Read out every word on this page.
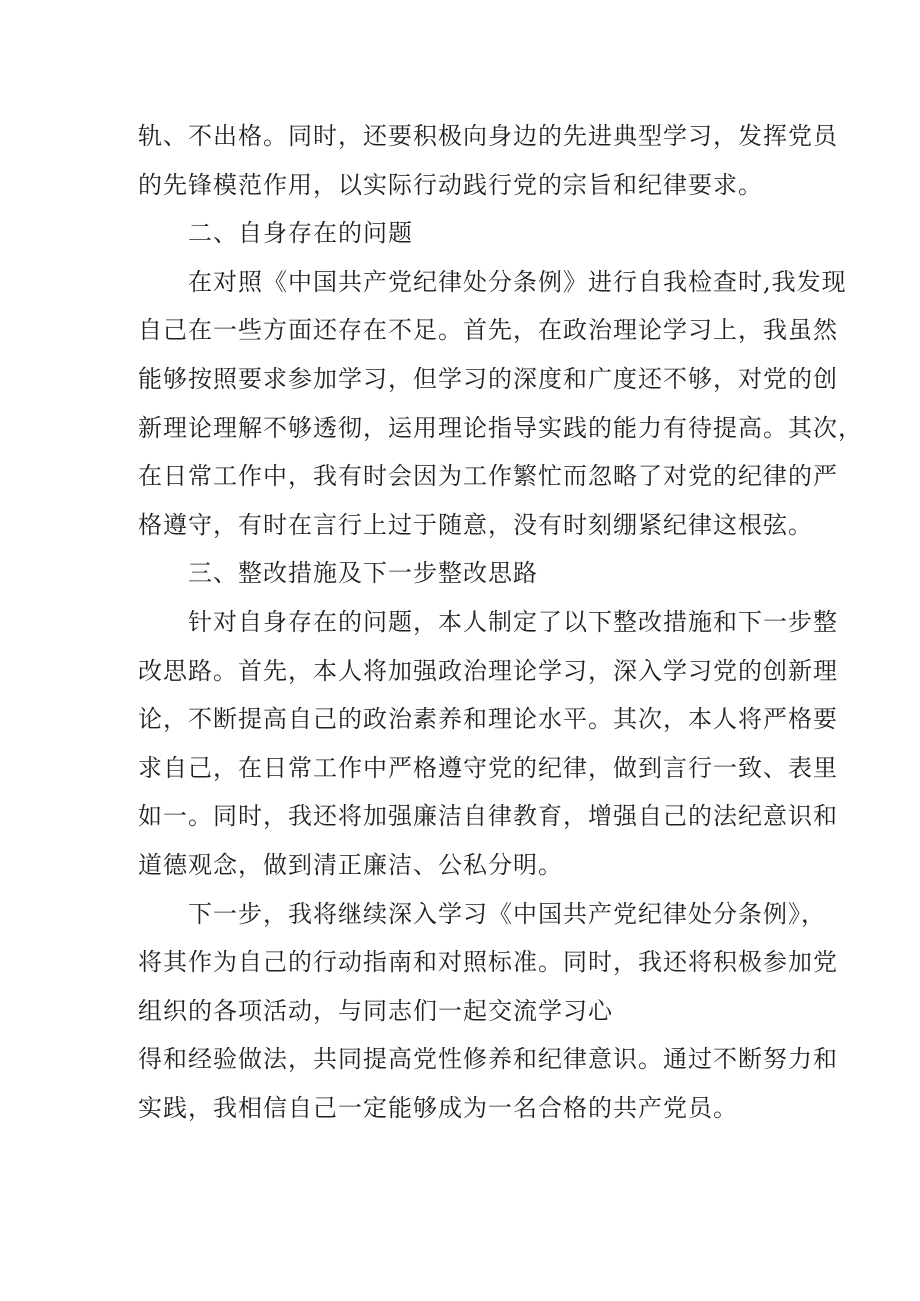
轨、不出格。同时，还要积极向身边的先进典型学习，发挥党员
的先锋模范作用，以实际行动践行党的宗旨和纪律要求。
二、自身存在的问题
在对照《中国共产党纪律处分条例》进行自我检查时,我发现
自己在一些方面还存在不足。首先，在政治理论学习上，我虽然
能够按照要求参加学习，但学习的深度和广度还不够，对党的创
新理论理解不够透彻，运用理论指导实践的能力有待提高。其次，
在日常工作中，我有时会因为工作繁忙而忽略了对党的纪律的严
格遵守，有时在言行上过于随意，没有时刻绷紧纪律这根弦。
三、整改措施及下一步整改思路
针对自身存在的问题，本人制定了以下整改措施和下一步整
改思路。首先，本人将加强政治理论学习，深入学习党的创新理
论，不断提高自己的政治素养和理论水平。其次，本人将严格要
求自己，在日常工作中严格遵守党的纪律，做到言行一致、表里
如一。同时，我还将加强廉洁自律教育，增强自己的法纪意识和
道德观念，做到清正廉洁、公私分明。
下一步，我将继续深入学习《中国共产党纪律处分条例》，
将其作为自己的行动指南和对照标准。同时，我还将积极参加党
组织的各项活动，与同志们一起交流学习心
得和经验做法，共同提高党性修养和纪律意识。通过不断努力和
实践，我相信自己一定能够成为一名合格的共产党员。
